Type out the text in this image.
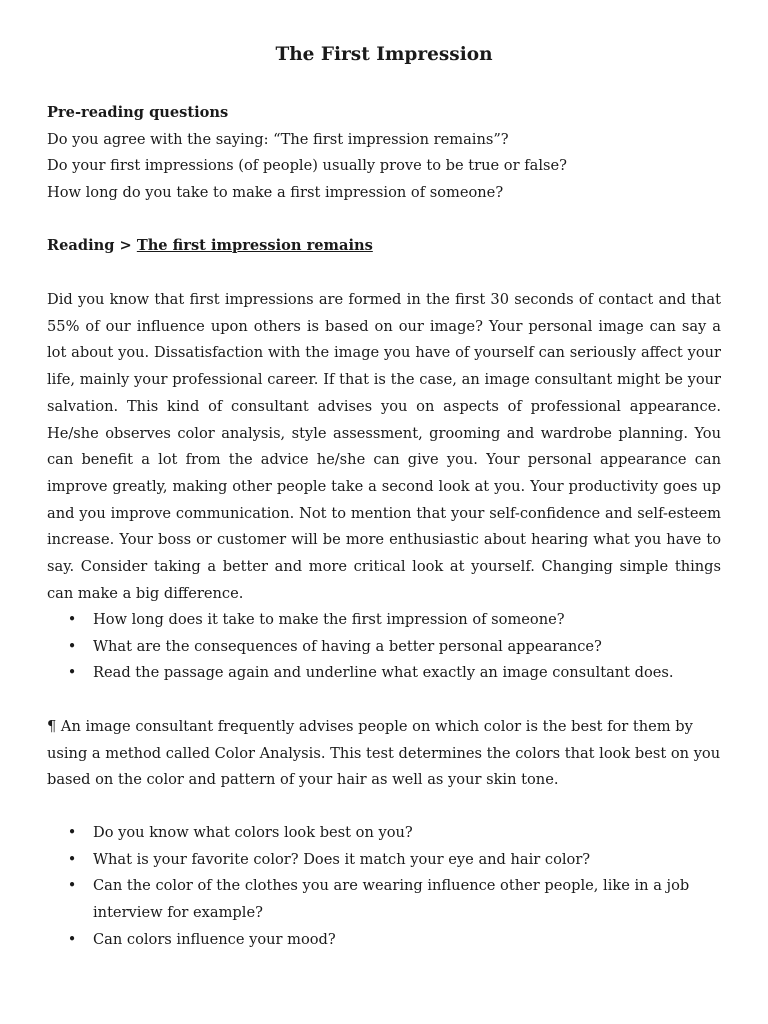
The First Impression
Pre-reading questions
Do you agree with the saying: “The first impression remains”?
Do your first impressions (of people) usually prove to be true or false?
How long do you take to make a first impression of someone?
Reading > The first impression remains
Did you know that first impressions are formed in the first 30 seconds of contact and that 55% of our influence upon others is based on our image? Your personal image can say a lot about you. Dissatisfaction with the image you have of yourself can seriously affect your life, mainly your professional career. If that is the case, an image consultant might be your salvation. This kind of consultant advises you on aspects of professional appearance. He/she observes color analysis, style assessment, grooming and wardrobe planning. You can benefit a lot from the advice he/she can give you. Your personal appearance can improve greatly, making other people take a second look at you. Your productivity goes up and you improve communication. Not to mention that your self-confidence and self-esteem increase. Your boss or customer will be more enthusiastic about hearing what you have to say. Consider taking a better and more critical look at yourself. Changing simple things can make a big difference.
• How long does it take to make the first impression of someone?
• What are the consequences of having a better personal appearance?
• Read the passage again and underline what exactly an image consultant does.
¶ An image consultant frequently advises people on which color is the best for them by using a method called Color Analysis. This test determines the colors that look best on you based on the color and pattern of your hair as well as your skin tone.
• Do you know what colors look best on you?
• What is your favorite color? Does it match your eye and hair color?
• Can the color of the clothes you are wearing influence other people, like in a job interview for example?
• Can colors influence your mood?
